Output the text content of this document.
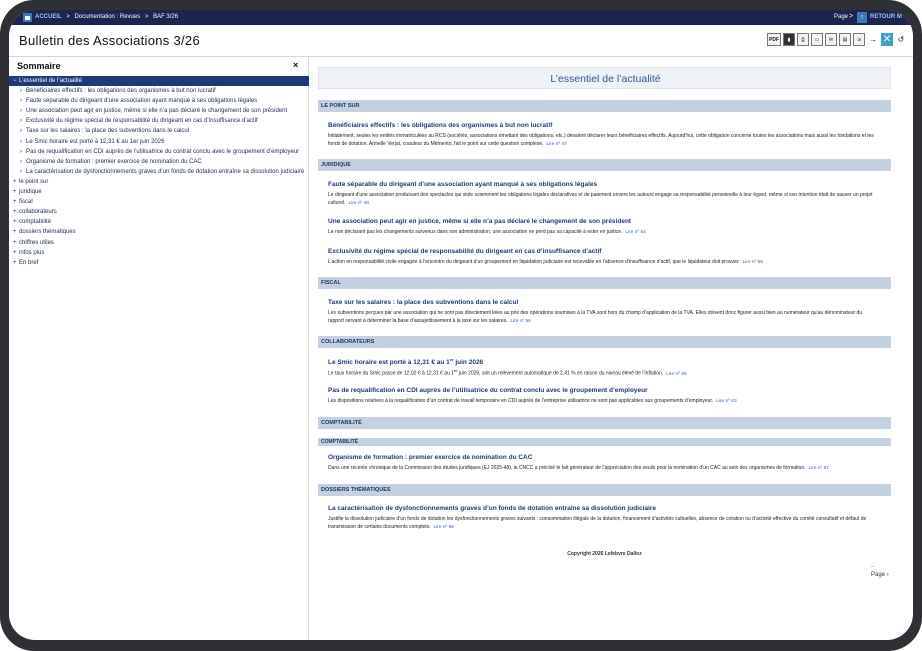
ACCUEIL > Documentation : Revues > BAF 3/26	Page >	↑	RETOUR M
Bulletin des Associations 3/26	PDF	▮	⎙	▭	✉	▤	⇲ → ✕ ↺
Sommaire	×
− L’essentiel de l’actualité
› Bénéficiaires effectifs : les obligations des organismes à but non lucratif
› Faute séparable du dirigeant d’une association ayant manqué à ses obligations légales
› Une association peut agir en justice, même si elle n’a pas déclaré le changement de son président
› Exclusivité du régime spécial de responsabilité du dirigeant en cas d’insuffisance d’actif
› Taxe sur les salaires : la place des subventions dans le calcul
› Le Smic horaire est porté à 12,31 € au 1er juin 2026
› Pas de requalification en CDI auprès de l’utilisatrice du contrat conclu avec le groupement d’employeur
› Organisme de formation : premier exercice de nomination du CAC
› La caractérisation de dysfonctionnements graves d’un fonds de dotation entraîne sa dissolution judiciaire
+ le point sur
+ juridique
+ fiscal
+ collaborateurs
+ comptabilité
+ dossiers thématiques
+ chiffres utiles
+ infos plus
+ En bref
L’essentiel de l’actualité
LE POINT SUR
Bénéficiaires effectifs : les obligations des organismes à but non lucratif
Initialement, seules les entités immatriculées au RCS (sociétés, associations émettant des obligations, etc.) devaient déclarer leurs bénéficiaires effectifs. Aujourd’hui, cette obligation concerne toutes les associations mais aussi les fondations et les fonds de dotation. Armelle Verjat, coauteur du Mémento, fait le point sur cette question complexe. Lire nº 47
JURIDIQUE
Faute séparable du dirigeant d’une association ayant manqué à ses obligations légales
Le dirigeant d’une association produisant des spectacles qui viole sciemment les obligations légales déclaratives et de paiement envers les auteurs engage sa responsabilité personnelle à leur égard, même si son intention était de sauver un projet culturel. Lire nº 48
Une association peut agir en justice, même si elle n’a pas déclaré le changement de son président
Le non déclarant pas les changements survenus dans son administration, une association ne perd pas sa capacité à ester en justice. Lire nº 54
Exclusivité du régime spécial de responsabilité du dirigeant en cas d’insuffisance d’actif
L’action en responsabilité civile engagée à l’encontre du dirigeant d’un groupement en liquidation judiciaire est recevable en l’absence d’insuffisance d’actif, que le liquidateur doit prouver. Lire nº 55
FISCAL
Taxe sur les salaires : la place des subventions dans le calcul
Les subventions perçues par une association qui ne sont pas directement liées au prix des opérations soumises à la TVA sont hors du champ d’application de la TVA. Elles doivent donc figurer aussi bien au numérateur qu’au dénominateur du rapport servant à déterminer la base d’assujettissement à la taxe sur les salaires. Lire nº 56
COLLABORATEURS
Le Smic horaire est porté à 12,31 € au 1er juin 2026
Le taux horaire du Smic passe de 12,02 € à 12,31 € au 1er juin 2026, soit un relèvement automatique de 2,41 % en raison du niveau élevé de l’inflation. Lire nº 65
Pas de requalification en CDI auprès de l’utilisatrice du contrat conclu avec le groupement d’employeur
Les dispositions relatives à la requalification d’un contrat de travail temporaire en CDI auprès de l’entreprise utilisatrice ne sont pas applicables aux groupements d’employeur. Lire nº 63
COMPTABILITÉ
COMPTABILITÉ
Organisme de formation : premier exercice de nomination du CAC
Dans une récente chronique de la Commission des études juridiques (EJ 2025-48), la CNCC a précisé le fait générateur de l’appréciation des seuils pour la nomination d’un CAC au sein des organismes de formation. Lire nº 67
DOSSIERS THÉMATIQUES
La caractérisation de dysfonctionnements graves d’un fonds de dotation entraîne sa dissolution judiciaire
Justifie la dissolution judiciaire d’un fonds de dotation les dysfonctionnements graves suivants : consommation illégale de la dotation, financement d’activités cultuelles, absence de création ou d’activité effective du comité consultatif et défaut de transmission de certains documents complets. Lire nº 68
Copyright 2026 Lefebvre Dalloz
–
Page ›
